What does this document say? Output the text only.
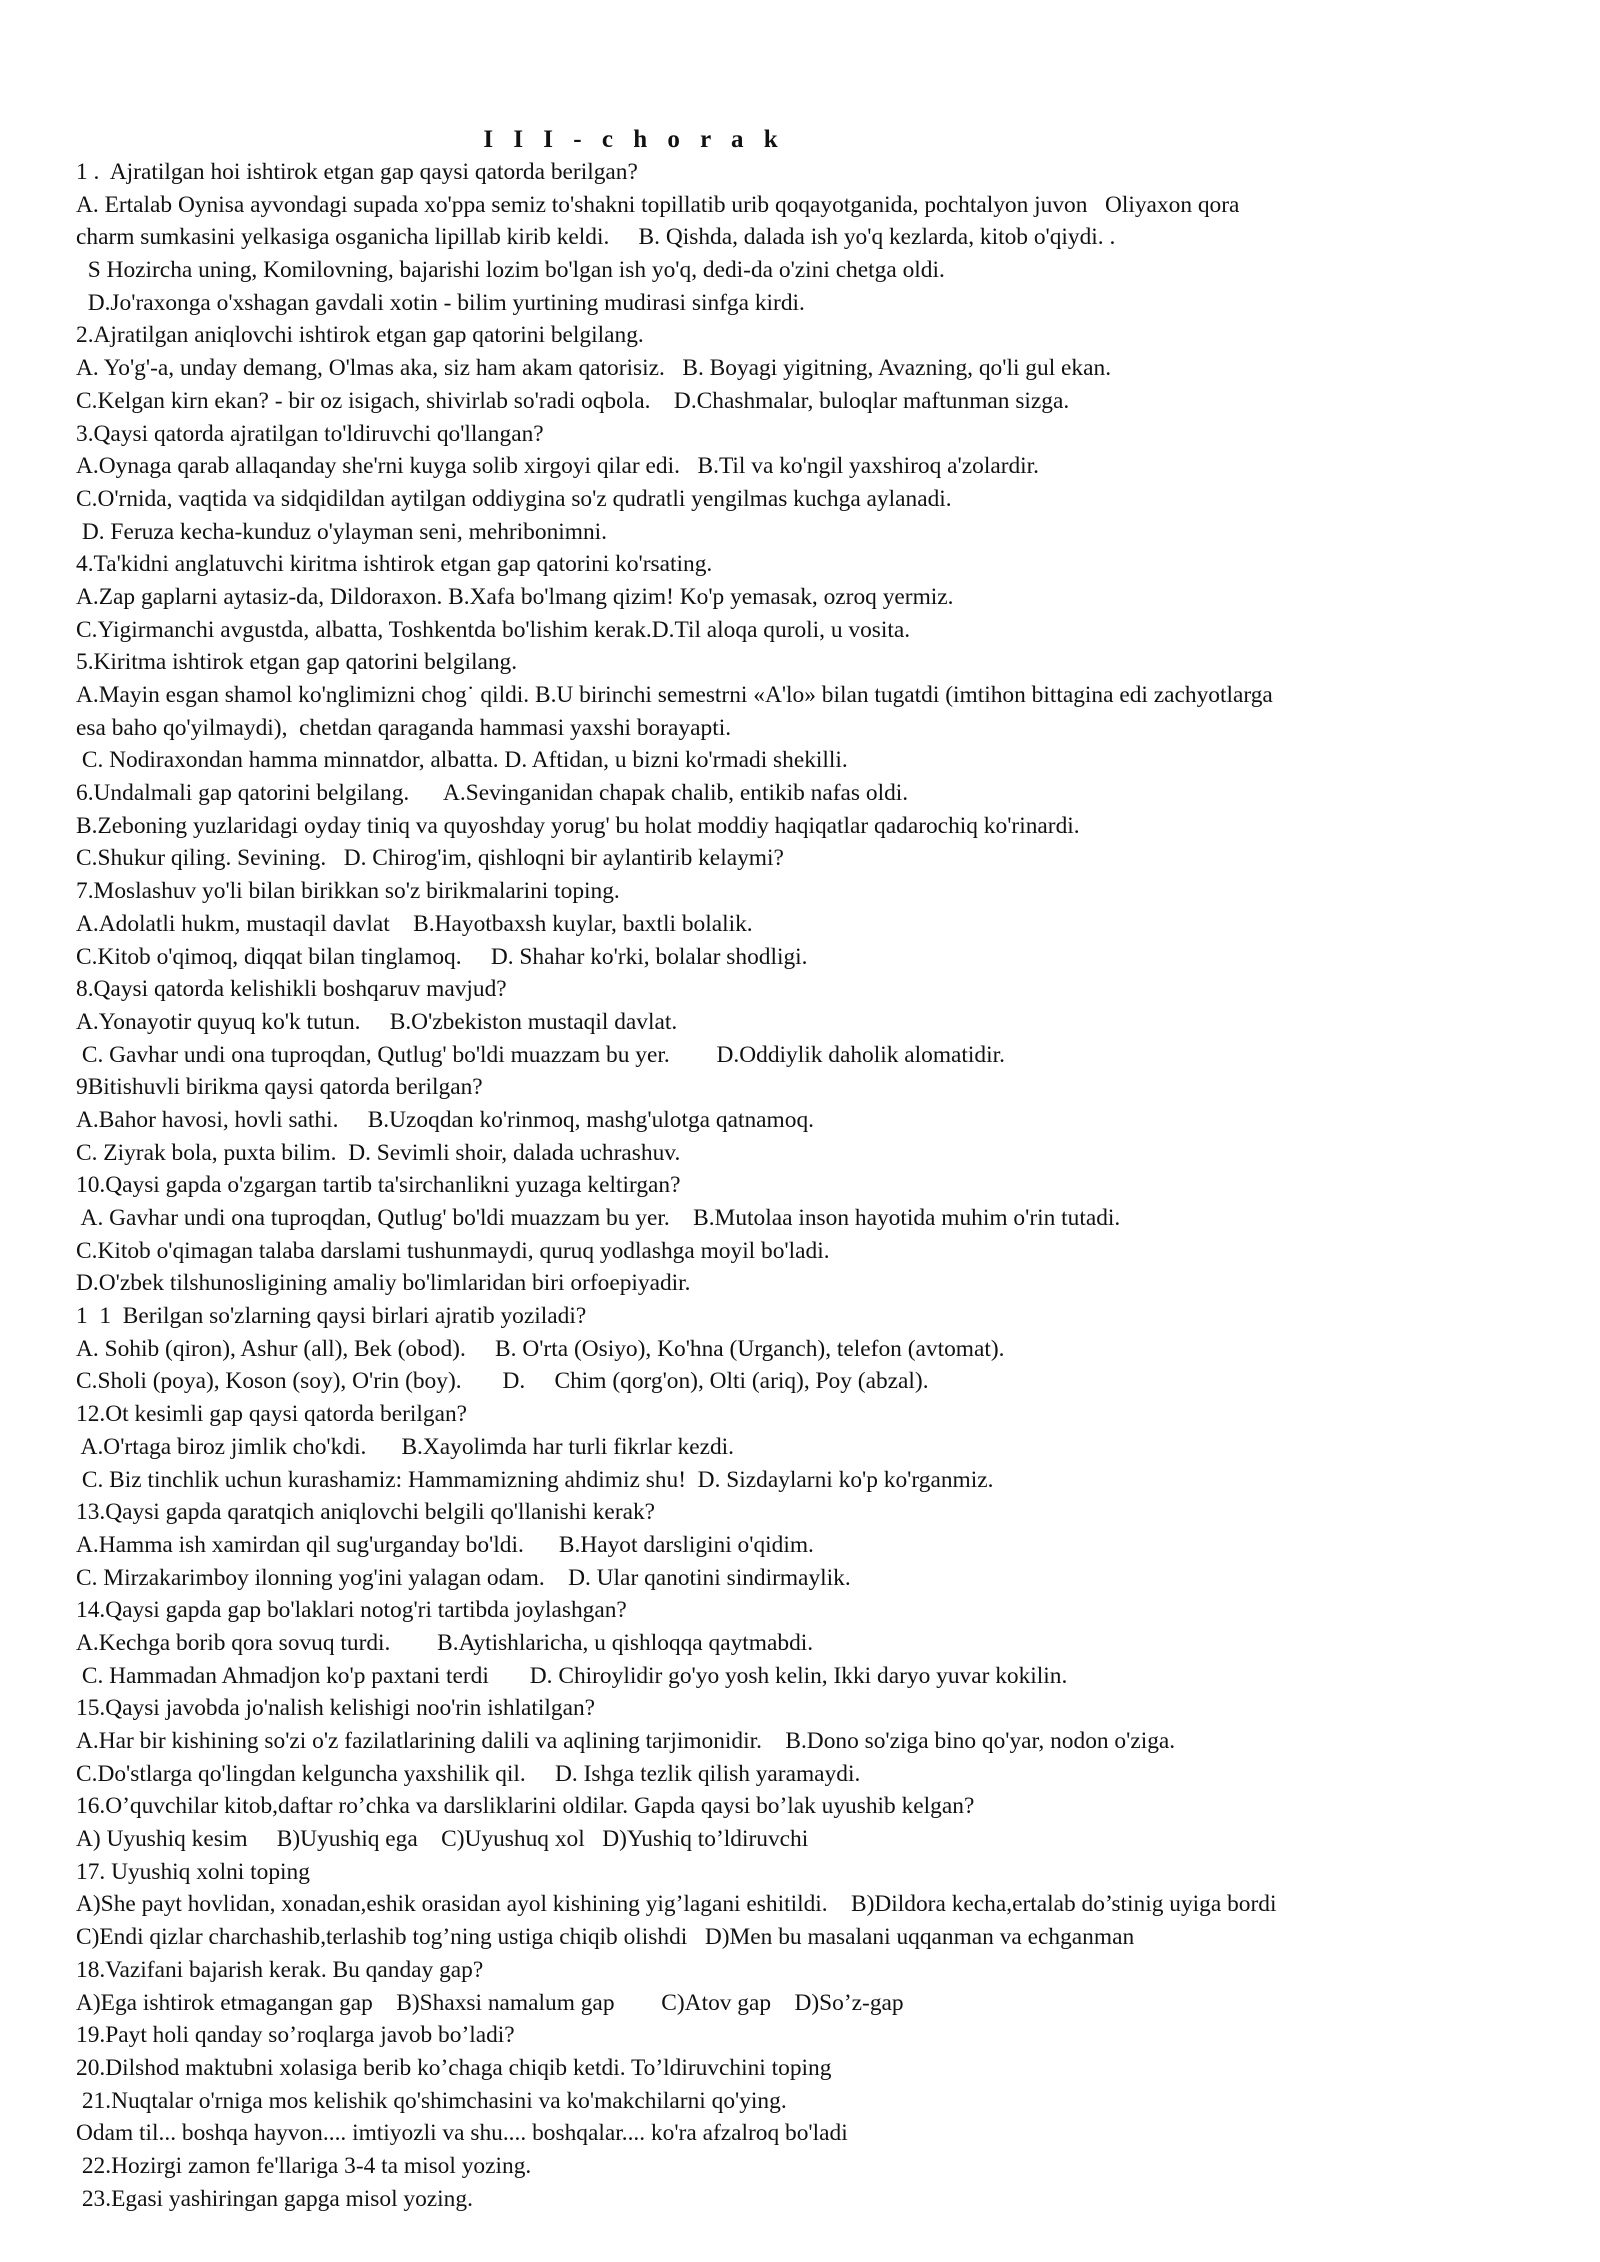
I I I - c h o r a k
1 .  Ajratilgan hoi ishtirok etgan gap qaysi qatorda berilgan?
A. Ertalab Oynisa ayvondagi supada xo'ppa semiz to'shakni topillatib urib qoqayotganida, pochtalyon juvon   Oliyaxon qora
charm sumkasini yelkasiga osganicha lipillab kirib keldi.     B. Qishda, dalada ish yo'q kezlarda, kitob o'qiydi. .
S Hozircha uning, Komilovning, bajarishi lozim bo'lgan ish yo'q, dedi-da o'zini chetga oldi.
D.Jo'raxonga o'xshagan gavdali xotin - bilim yurtining mudirasi sinfga kirdi.
2.Ajratilgan aniqlovchi ishtirok etgan gap qatorini belgilang.
A. Yo'g'-a, unday demang, O'lmas aka, siz ham akam qatorisiz.   B. Boyagi yigitning, Avazning, qo'li gul ekan.
C.Kelgan kirn ekan? - bir oz isigach, shivirlab so'radi oqbola.    D.Chashmalar, buloqlar maftunman sizga.
3.Qaysi qatorda ajratilgan to'ldiruvchi qo'llangan?
A.Oynaga qarab allaqanday she'rni kuyga solib xirgoyi qilar edi.   B.Til va ko'ngil yaxshiroq a'zolardir.
C.O'rnida, vaqtida va sidqidildan aytilgan oddiygina so'z qudratli yengilmas kuchga aylanadi.
D. Feruza kecha-kunduz o'ylayman seni, mehribonimni.
4.Ta'kidni anglatuvchi kiritma ishtirok etgan gap qatorini ko'rsating.
A.Zap gaplarni aytasiz-da, Dildoraxon. B.Xafa bo'lmang qizim! Ko'p yemasak, ozroq yermiz.
C.Yigirmanchi avgustda, albatta, Toshkentda bo'lishim kerak.D.Til aloqa quroli, u vosita.
5.Kiritma ishtirok etgan gap qatorini belgilang.
A.Mayin esgan shamol ko'nglimizni chog˙ qildi. B.U birinchi semestrni «A'lo» bilan tugatdi (imtihon bittagina edi zachyotlarga
esa baho qo'yilmaydi),  chetdan qaraganda hammasi yaxshi borayapti.
C. Nodiraxondan hamma minnatdor, albatta. D. Aftidan, u bizni ko'rmadi shekilli.
6.Undalmali gap qatorini belgilang.      A.Sevinganidan chapak chalib, entikib nafas oldi.
B.Zeboning yuzlaridagi oyday tiniq va quyoshday yorug' bu holat moddiy haqiqatlar qadarochiq ko'rinardi.
C.Shukur qiling. Sevining.   D. Chirog'im, qishloqni bir aylantirib kelaymi?
7.Moslashuv yo'li bilan birikkan so'z birikmalarini toping.
A.Adolatli hukm, mustaqil davlat    B.Hayotbaxsh kuylar, baxtli bolalik.
C.Kitob o'qimoq, diqqat bilan tinglamoq.     D. Shahar ko'rki, bolalar shodligi.
8.Qaysi qatorda kelishikli boshqaruv mavjud?
A.Yonayotir quyuq ko'k tutun.     B.O'zbekiston mustaqil davlat.
C. Gavhar undi ona tuproqdan, Qutlug' bo'ldi muazzam bu yer.        D.Oddiylik daholik alomatidir.
9Bitishuvli birikma qaysi qatorda berilgan?
A.Bahor havosi, hovli sathi.     B.Uzoqdan ko'rinmoq, mashg'ulotga qatnamoq.
C. Ziyrak bola, puxta bilim.  D. Sevimli shoir, dalada uchrashuv.
10.Qaysi gapda o'zgargan tartib ta'sirchanlikni yuzaga keltirgan?
A. Gavhar undi ona tuproqdan, Qutlug' bo'ldi muazzam bu yer.    B.Mutolaa inson hayotida muhim o'rin tutadi.
C.Kitob o'qimagan talaba darslami tushunmaydi, quruq yodlashga moyil bo'ladi.
D.O'zbek tilshunosligining amaliy bo'limlaridan biri orfoepiyadir.
1  1  Berilgan so'zlarning qaysi birlari ajratib yoziladi?
A. Sohib (qiron), Ashur (all), Bek (obod).     B. O'rta (Osiyo), Ko'hna (Urganch), telefon (avtomat).
C.Sholi (poya), Koson (soy), O'rin (boy).       D.     Chim (qorg'on), Olti (ariq), Poy (abzal).
12.Ot kesimli gap qaysi qatorda berilgan?
A.O'rtaga biroz jimlik cho'kdi.      B.Xayolimda har turli fikrlar kezdi.
C. Biz tinchlik uchun kurashamiz: Hammamizning ahdimiz shu!  D. Sizdaylarni ko'p ko'rganmiz.
13.Qaysi gapda qaratqich aniqlovchi belgili qo'llanishi kerak?
A.Hamma ish xamirdan qil sug'urganday bo'ldi.      B.Hayot darsligini o'qidim.
C. Mirzakarimboy ilonning yog'ini yalagan odam.    D. Ular qanotini sindirmaylik.
14.Qaysi gapda gap bo'laklari notog'ri tartibda joylashgan?
A.Kechga borib qora sovuq turdi.        B.Aytishlaricha, u qishloqqa qaytmabdi.
C. Hammadan Ahmadjon ko'p paxtani terdi       D. Chiroylidir go'yo yosh kelin, Ikki daryo yuvar kokilin.
15.Qaysi javobda jo'nalish kelishigi noo'rin ishlatilgan?
A.Har bir kishining so'zi o'z fazilatlarining dalili va aqlining tarjimonidir.    B.Dono so'ziga bino qo'yar, nodon o'ziga.
C.Do'stlarga qo'lingdan kelguncha yaxshilik qil.     D. Ishga tezlik qilish yaramaydi.
16.O’quvchilar kitob,daftar ro’chka va darsliklarini oldilar. Gapda qaysi bo’lak uyushib kelgan?
A) Uyushiq kesim     B)Uyushiq ega    C)Uyushuq xol   D)Yushiq to’ldiruvchi
17. Uyushiq xolni toping
A)She payt hovlidan, xonadan,eshik orasidan ayol kishining yig’lagani eshitildi.    B)Dildora kecha,ertalab do’stinig uyiga bordi
C)Endi qizlar charchashib,terlashib tog’ning ustiga chiqib olishdi   D)Men bu masalani uqqanman va echganman
18.Vazifani bajarish kerak. Bu qanday gap?
A)Ega ishtirok etmagangan gap    B)Shaxsi namalum gap        C)Atov gap    D)So’z-gap
19.Payt holi qanday so’roqlarga javob bo’ladi?
20.Dilshod maktubni xolasiga berib ko’chaga chiqib ketdi. To’ldiruvchini toping
21.Nuqtalar o'rniga mos kelishik qo'shimchasini va ko'makchilarni qo'ying.
Odam til... boshqa hayvon.... imtiyozli va shu.... boshqalar.... ko'ra afzalroq bo'ladi
22.Hozirgi zamon fe'llariga 3-4 ta misol yozing.
23.Egasi yashiringan gapga misol yozing.
